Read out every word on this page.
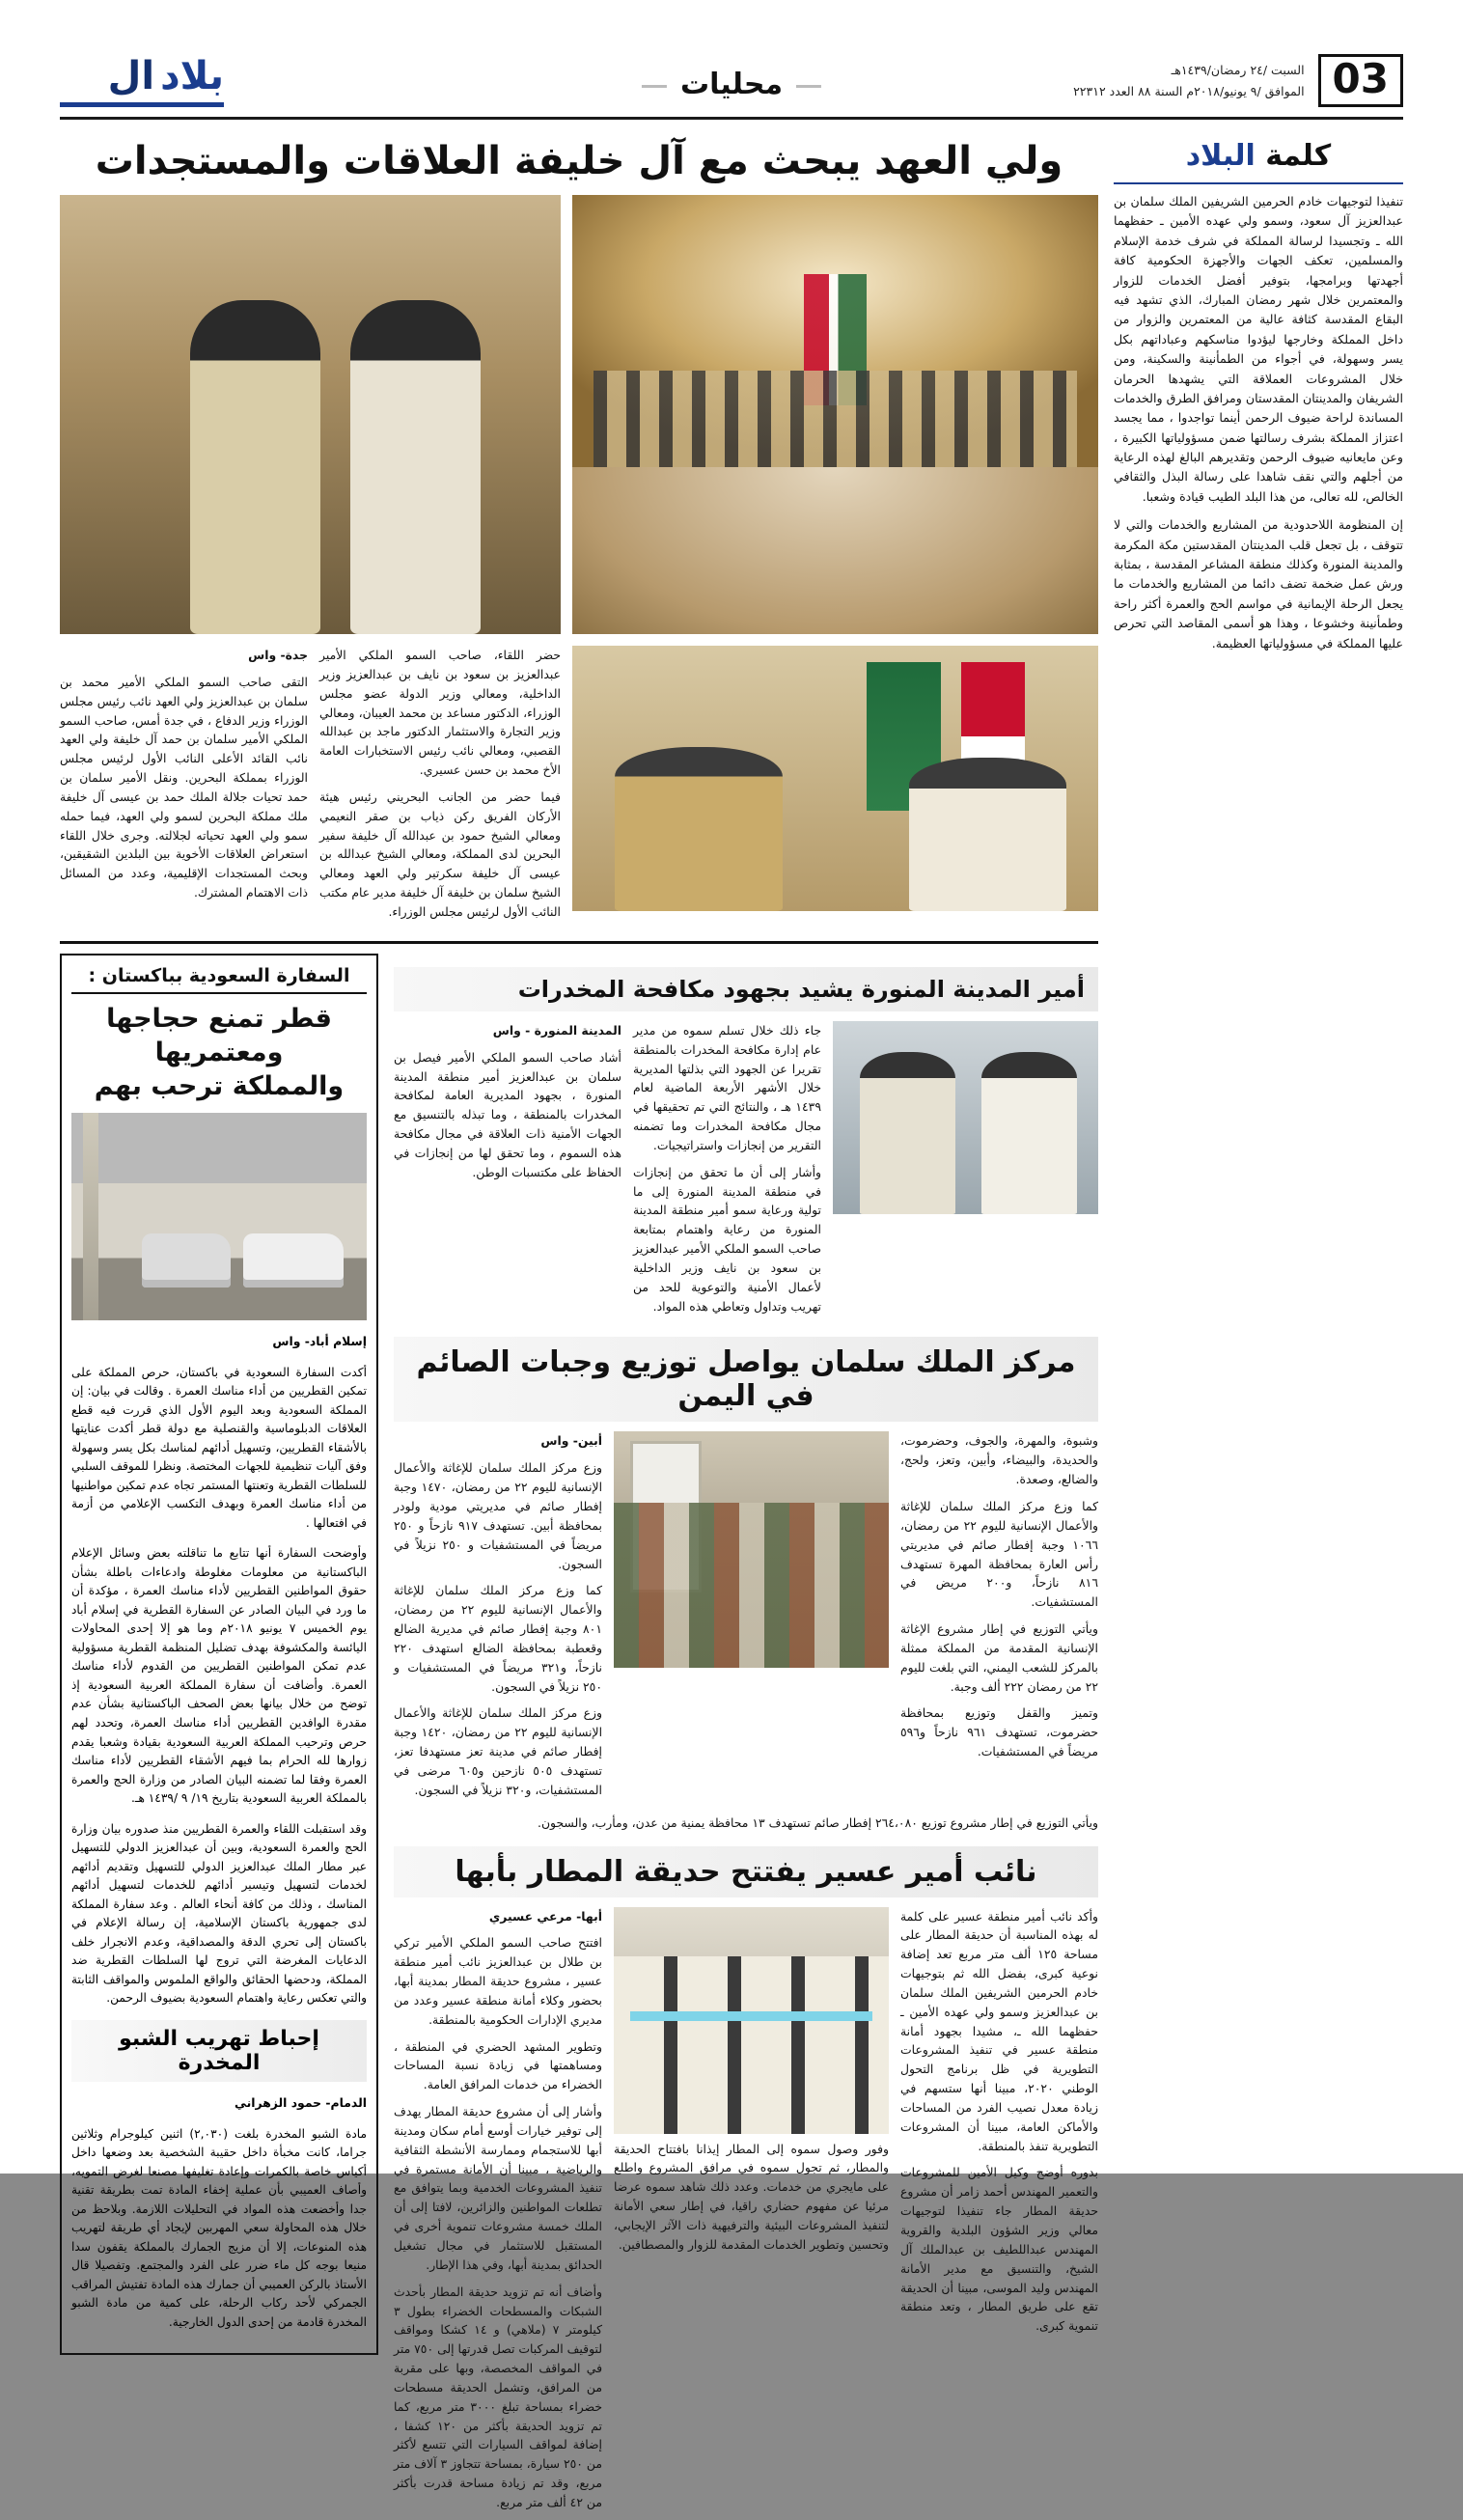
بلاد
ال	محليات	السبت /٢٤ رمضان/١٤٣٩هـ
الموافق /٩ يونيو/٢٠١٨م السنة ٨٨ العدد ٢٢٣١٢ 03
كلمة البلاد

تنفيذا لتوجيهات خادم الحرمين الشريفين الملك سلمان بن عبدالعزيز آل سعود، وسمو ولي عهده الأمين ـ حفظهما الله ـ وتجسيدا لرسالة المملكة في شرف خدمة الإسلام والمسلمين، تعكف الجهات والأجهزة الحكومية كافة أجهدتها وبرامجها، بتوفير أفضل الخدمات للزوار والمعتمرين خلال شهر رمضان المبارك، الذي تشهد فيه البقاع المقدسة كثافة عالية من المعتمرين والزوار من داخل المملكة وخارجها ليؤدوا مناسكهم وعباداتهم بكل يسر وسهولة، في أجواء من الطمأنينة والسكينة، ومن خلال المشروعات العملاقة التي يشهدها الحرمان الشريفان والمدينتان المقدستان ومرافق الطرق والخدمات المساندة لراحة ضيوف الرحمن أينما تواجدوا ، مما يجسد اعتزاز المملكة بشرف رسالتها ضمن مسؤولياتها الكبيرة ، وعن مايعانيه ضيوف الرحمن وتقديرهم البالغ لهذه الرعاية من أجلهم والتي نقف شاهدا على رسالة البذل والثقافي الخالص، لله تعالى، من هذا البلد الطيب قيادة وشعبا.

إن المنظومة اللاحدودية من المشاريع والخدمات والتي لا تتوقف ، بل تجعل قلب المدينتان المقدستين مكة المكرمة والمدينة المنورة وكذلك منطقة المشاعر المقدسة ، بمثابة ورش عمل ضخمة تضف دائما من المشاريع والخدمات ما يجعل الرحلة الإيمانية في مواسم الحج والعمرة أكثر راحة وطمأنينة وخشوعا ، وهذا هو أسمى المقاصد التي تحرص عليها المملكة في مسؤولياتها العظيمة.

ولي العهد يبحث مع آل خليفة العلاقات والمستجدات

حضر اللقاء، صاحب السمو الملكي الأمير عبدالعزيز بن سعود بن نايف بن عبدالعزيز وزير الداخلية، ومعالي وزير الدولة عضو مجلس الوزراء، الدكتور مساعد بن محمد العيبان، ومعالي وزير التجارة والاستثمار الدكتور ماجد بن عبدالله القصبي، ومعالي نائب رئيس الاستخبارات العامة الأخ محمد بن حسن عسيري.

فيما حضر من الجانب البحريني رئيس هيئة الأركان الفريق ركن ذياب بن صقر النعيمي ومعالي الشيخ حمود بن عبدالله آل خليفة سفير البحرين لدى المملكة، ومعالي الشيخ عبدالله بن عيسى آل خليفة سكرتير ولي العهد ومعالي الشيخ سلمان بن خليفة آل خليفة مدير عام مكتب النائب الأول لرئيس مجلس الوزراء.

جدة- واس

التقى صاحب السمو الملكي الأمير محمد بن سلمان بن عبدالعزيز ولي العهد نائب رئيس مجلس الوزراء وزير الدفاع ، في جدة أمس، صاحب السمو الملكي الأمير سلمان بن حمد آل خليفة ولي العهد نائب القائد الأعلى النائب الأول لرئيس مجلس الوزراء بمملكة البحرين. ونقل الأمير سلمان بن حمد تحيات جلالة الملك حمد بن عيسى آل خليفة ملك مملكة البحرين لسمو ولي العهد، فيما حمله سمو ولي العهد تحياته لجلالته. وجرى خلال اللقاء استعراض العلاقات الأخوية بين البلدين الشقيقين، وبحث المستجدات الإقليمية، وعدد من المسائل ذات الاهتمام المشترك.

أمير المدينة المنورة يشيد بجهود مكافحة المخدرات

جاء ذلك خلال تسلم سموه من مدير عام إدارة مكافحة المخدرات بالمنطقة تقريرا عن الجهود التي بذلتها المديرية خلال الأشهر الأربعة الماضية لعام ١٤٣٩ هـ ، والنتائج التي تم تحقيقها في مجال مكافحة المخدرات وما تضمنه التقرير من إنجازات واستراتيجيات.

وأشار إلى أن ما تحقق من إنجازات في منطقة المدينة المنورة إلى ما تولية ورعاية سمو أمير منطقة المدينة المنورة من رعاية واهتمام بمتابعة صاحب السمو الملكي الأمير عبدالعزيز بن سعود بن نايف وزير الداخلية لأعمال الأمنية والتوعوية للحد من تهريب وتداول وتعاطي هذه المواد.

المدينة المنورة - واس

أشاد صاحب السمو الملكي الأمير فيصل بن سلمان بن عبدالعزيز أمير منطقة المدينة المنورة ، بجهود المديرية العامة لمكافحة المخدرات بالمنطقة ، وما تبذله بالتنسيق مع الجهات الأمنية ذات العلاقة في مجال مكافحة هذه السموم ، وما تحقق لها من إنجازات في الحفاظ على مكتسبات الوطن.

مركز الملك سلمان يواصل توزيع وجبات الصائم في اليمن

وشبوة، والمهرة، والجوف، وحضرموت، والحديدة، والبيضاء، وأبين، وتعز، ولحج، والضالع، وصعدة.

كما وزع مركز الملك سلمان للإغاثة والأعمال الإنسانية لليوم ٢٢ من رمضان، ١٠٦٦ وجبة إفطار صائم في مديريتي رأس العارة بمحافظة المهرة تستهدف ٨١٦ نازحاً، و٢٠٠ مريض في المستشفيات.

ويأتي التوزيع في إطار مشروع الإغاثة الإنسانية المقدمة من المملكة ممثلة بالمركز للشعب اليمني، التي بلغت لليوم ٢٢ من رمضان ٢٢٢ ألف وجبة.

وتميز والقفل وتوزيع بمحافظة حضرموت، تستهدف ٩٦١ نازحاً و٥٩٦ مريضاً في المستشفيات.

أبين- واس

وزع مركز الملك سلمان للإغاثة والأعمال الإنسانية لليوم ٢٢ من رمضان، ١٤٧٠ وجبة إفطار صائم في مديريتي مودية ولودر بمحافظة أبين. تستهدف ٩١٧ نازحاً و ٢٥٠ مريضاً في المستشفيات و ٢٥٠ نزيلاً في السجون.

كما وزع مركز الملك سلمان للإغاثة والأعمال الإنسانية لليوم ٢٢ من رمضان، ٨٠١ وجبة إفطار صائم في مديرية الضالع وقعطبة بمحافظة الضالع استهدف ٢٢٠ نازحاً، و٣٢١ مريضاً في المستشفيات و ٢٥٠ نزيلاً في السجون.

وزع مركز الملك سلمان للإغاثة والأعمال الإنسانية لليوم ٢٢ من رمضان، ١٤٢٠ وجبة إفطار صائم في مدينة تعز مستهدفا تعز، تستهدف ٥٠٥ نازحين و٦٠٥ مرضى في المستشفيات، و٣٢٠ نزيلاً في السجون.

ويأتي التوزيع في إطار مشروع توزيع ٢٦٤،٠٨٠ إفطار صائم تستهدف ١٣ محافظة يمنية من عدن، ومأرب، والسجون.

نائب أمير عسير يفتتح حديقة المطار بأبها

وأكد نائب أمير منطقة عسير على كلمة له بهذه المناسبة أن حديقة المطار على مساحة ١٢٥ ألف متر مربع تعد إضافة نوعية كبرى، بفضل الله ثم بتوجيهات خادم الحرمين الشريفين الملك سلمان بن عبدالعزيز وسمو ولي عهده الأمين ـ حفظهما الله ـ، مشيدا بجهود أمانة منطقة عسير في تنفيذ المشروعات التطويرية في ظل برنامج التحول الوطني ٢٠٢٠، مبينا أنها ستسهم في زيادة معدل نصيب الفرد من المساحات والأماكن العامة، مبينا أن المشروعات التطويرية تنفذ بالمنطقة.

بدوره أوضح وكيل الأمين للمشروعات والتعمير المهندس أحمد زامر أن مشروع حديقة المطار جاء تنفيذا لتوجيهات معالي وزير الشؤون البلدية والقروية المهندس عبداللطيف بن عبدالملك آل الشيخ، والتنسيق مع مدير الأمانة المهندس وليد الموسى، مبينا أن الحديقة تقع على طريق المطار ، وتعد منطقة تنموية كبرى.

وفور وصول سموه إلى المطار إيذانا بافتتاح الحديقة والمطار، ثم تجول سموه في مرافق المشروع واطلع على مايجري من خدمات. وعدد ذلك شاهد سموه عرضا مرئيا عن مفهوم حضاري راقيا، في إطار سعي الأمانة لتنفيذ المشروعات البيئية والترفيهية ذات الآثر الإيجابي، وتحسين وتطوير الخدمات المقدمة للزوار والمصطافين.

أبها- مرعي عسيري

افتتح صاحب السمو الملكي الأمير تركي بن طلال بن عبدالعزيز نائب أمير منطقة عسير ، مشروع حديقة المطار بمدينة أبها، بحضور وكلاء أمانة منطقة عسير وعدد من مديري الإدارات الحكومية بالمنطقة.

وتطوير المشهد الحضري في المنطقة ، ومساهمتها في زيادة نسبة المساحات الخضراء من خدمات المرافق العامة.

وأشار إلى أن مشروع حديقة المطار يهدف إلى توفير خيارات أوسع أمام سكان ومدينة أبها للاستجمام وممارسة الأنشطة الثقافية والرياضية ، مبينا أن الأمانة مستمرة في تنفيذ المشروعات الخدمية وبما يتوافق مع تطلعات المواطنين والزائرين، لافتا إلى أن الملك خمسة مشروعات تنموية أخرى في المستقبل للاستثمار في مجال تشغيل الحدائق بمدينة أبها، وفي هذا الإطار.

وأضاف أنه تم تزويد حديقة المطار بأحدث الشبكات والمسطحات الخضراء بطول ٣ كيلومتر ٧ (ملاهي) و ١٤ كشكا ومواقف لتوقيف المركبات تصل قدرتها إلى ٧٥٠ متر في المواقف المخصصة، وبها على مقربة من المرافق، وتشمل الحديقة مسطحات خضراء بمساحة تبلغ ٣٠٠٠ متر مربع، كما تم تزويد الحديقة بأكثر من ١٢٠ كشفا ، إضافة لمواقف السيارات التي تتسع لأكثر من ٢٥٠ سيارة، بمساحة تتجاوز ٣ آلاف متر مربع، وقد تم زيادة مساحة قدرت بأكثر من ٤٢ ألف متر مربع.

السفارة السعودية بباكستان :
قطر تمنع حجاجها ومعتمريها
والمملكة ترحب بهم

إسلام أباد- واس

أكدت السفارة السعودية في باكستان، حرص المملكة على تمكين القطريين من أداء مناسك العمرة . وقالت في بيان: إن المملكة السعودية وبعد اليوم الأول الذي قررت فيه قطع العلاقات الدبلوماسية والقنصلية مع دولة قطر أكدت عنايتها بالأشقاء القطريين، وتسهيل أدائهم لمناسك بكل يسر وسهولة وفق آليات تنظيمية للجهات المختصة. ونظرا للموقف السلبي للسلطات القطرية وتعنتها المستمر تجاه عدم تمكين مواطنيها من أداء مناسك العمرة وبهدف التكسب الإعلامي من أزمة في افتعالها .

وأوضحت السفارة أنها تتابع ما تناقلته بعض وسائل الإعلام الباكستانية من معلومات مغلوطة وادعاءات باطلة بشأن حقوق المواطنين القطريين لأداء مناسك العمرة ، مؤكدة أن ما ورد في البيان الصادر عن السفارة القطرية في إسلام أباد يوم الخميس ٧ يونيو ٢٠١٨م وما هو إلا إحدى المحاولات اليائسة والمكشوفة بهدف تضليل المنظمة القطرية مسؤولية عدم تمكن المواطنين القطريين من القدوم لأداء مناسك العمرة. وأضافت أن سفارة المملكة العربية السعودية إذ توضح من خلال بيانها بعض الصحف الباكستانية بشأن عدم مقدرة الوافدين القطريين أداء مناسك العمرة، وتحدد لهم حرص وترحيب المملكة العربية السعودية بقيادة وشعبا يقدم زوارها لله الحرام بما فيهم الأشقاء القطريين لأداء مناسك العمرة وفقا لما تضمنه البيان الصادر من وزارة الحج والعمرة بالمملكة العربية السعودية بتاريخ ١٩/ ٩ /١٤٣٩ هـ.

وقد استقبلت اللقاء والعمرة القطريين منذ صدوره بيان وزارة الحج والعمرة السعودية، وبين أن عبدالعزيز الدولي للتسهيل عبر مطار الملك عبدالعزيز الدولي للتسهيل وتقديم أدائهم لخدمات لتسهيل وتيسير أدائهم للخدمات لتسهيل أدائهم المناسك ، وذلك من كافة أنحاء العالم . وعد سفارة المملكة لدى جمهورية باكستان الإسلامية، إن رسالة الإعلام في باكستان إلى تحري الدقة والمصداقية، وعدم الانجرار خلف الدعايات المغرضة التي تروج لها السلطات القطرية ضد المملكة، ودحضها الحقائق والواقع الملموس والمواقف الثابتة والتي تعكس رعاية واهتمام السعودية بضيوف الرحمن.

إحباط تهريب الشبو المخدرة

الدمام- حمود الزهراني

مادة الشبو المخدرة بلغت (٢,٠٣٠) اثنين كيلوجرام وثلاثين جراما، كانت مخبأة داخل حقيبة الشخصية بعد وضعها داخل أكياس خاصة بالكمرات وإعادة تغليفها مصنعا لغرض التمويه، وأصاف العميبي بأن عملية إخفاء المادة تمت بطريقة تقنية جدا وأخضعت هذه المواد في التحليلات اللازمة. وبلاحظ من خلال هذه المحاولة سعي المهربين لإيجاد أي طريقة لتهريب هذه المنوعات، إلا أن مزيج الجمارك بالمملكة يقفون سدا منيعا بوجه كل ماء ضرر على الفرد والمجتمع. وتفصيلا قال الأستاذ بالركن العميبي أن جمارك هذه المادة تفتيش المراقب الجمركي لأحد ركاب الرحلة، على كمية من مادة الشبو المخدرة قادمة من إحدى الدول الخارجية.
